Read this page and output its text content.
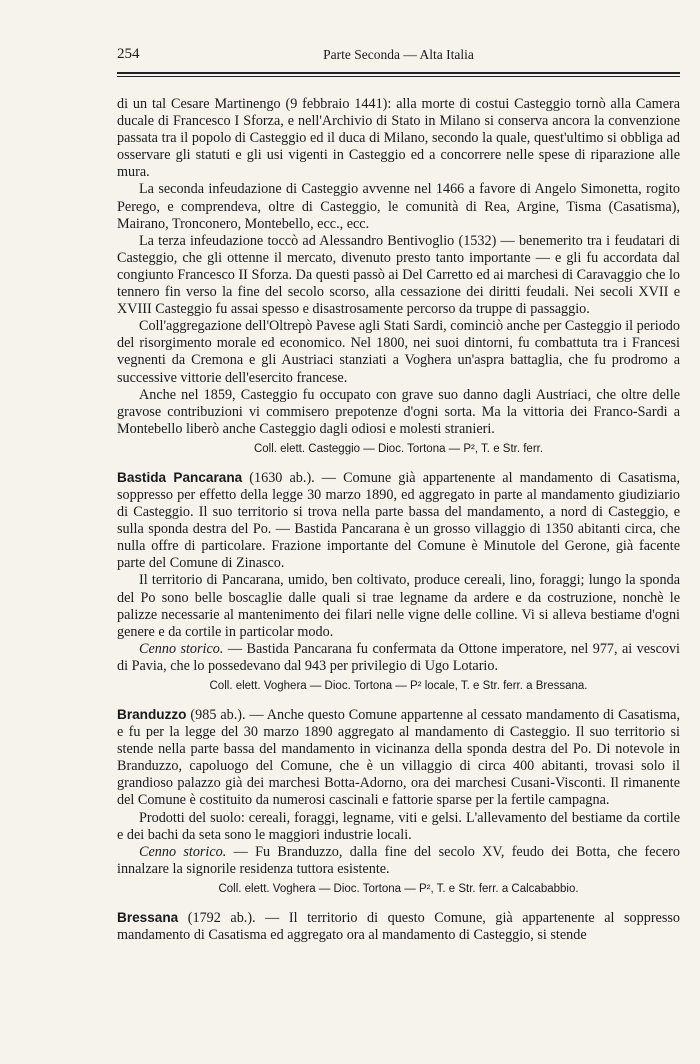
254	Parte Seconda — Alta Italia

di un tal Cesare Martinengo (9 febbraio 1441): alla morte di costui Casteggio tornò alla Camera ducale di Francesco I Sforza, e nell'Archivio di Stato in Milano si conserva ancora la convenzione passata tra il popolo di Casteggio ed il duca di Milano, secondo la quale, quest'ultimo si obbliga ad osservare gli statuti e gli usi vigenti in Casteggio ed a concorrere nelle spese di riparazione alle mura.

La seconda infeudazione di Casteggio avvenne nel 1466 a favore di Angelo Simonetta, rogito Perego, e comprendeva, oltre di Casteggio, le comunità di Rea, Argine, Tisma (Casatisma), Mairano, Tronconero, Montebello, ecc., ecc.

La terza infeudazione toccò ad Alessandro Bentivoglio (1532) — benemerito tra i feudatari di Casteggio, che gli ottenne il mercato, divenuto presto tanto importante — e gli fu accordata dal congiunto Francesco II Sforza. Da questi passò ai Del Carretto ed ai marchesi di Caravaggio che lo tennero fin verso la fine del secolo scorso, alla cessazione dei diritti feudali. Nei secoli XVII e XVIII Casteggio fu assai spesso e disastrosamente percorso da truppe di passaggio.

Coll'aggregazione dell'Oltrepò Pavese agli Stati Sardi, cominciò anche per Casteggio il periodo del risorgimento morale ed economico. Nel 1800, nei suoi dintorni, fu combattuta tra i Francesi vegnenti da Cremona e gli Austriaci stanziati a Voghera un'aspra battaglia, che fu prodromo a successive vittorie dell'esercito francese.

Anche nel 1859, Casteggio fu occupato con grave suo danno dagli Austriaci, che oltre delle gravose contribuzioni vi commisero prepotenze d'ogni sorta. Ma la vittoria dei Franco-Sardi a Montebello liberò anche Casteggio dagli odiosi e molesti stranieri.

Coll. elett. Casteggio — Dioc. Tortona — P², T. e Str. ferr.

Bastida Pancarana (1630 ab.). — Comune già appartenente al mandamento di Casatisma, soppresso per effetto della legge 30 marzo 1890, ed aggregato in parte al mandamento giudiziario di Casteggio. Il suo territorio si trova nella parte bassa del mandamento, a nord di Casteggio, e sulla sponda destra del Po. — Bastida Pancarana è un grosso villaggio di 1350 abitanti circa, che nulla offre di particolare. Frazione importante del Comune è Minutole del Gerone, già facente parte del Comune di Zinasco.

Il territorio di Pancarana, umido, ben coltivato, produce cereali, lino, foraggi; lungo la sponda del Po sono belle boscaglie dalle quali si trae legname da ardere e da costruzione, nonchè le palizze necessarie al mantenimento dei filari nelle vigne delle colline. Vi si alleva bestiame d'ogni genere e da cortile in particolar modo.

Cenno storico. — Bastida Pancarana fu confermata da Ottone imperatore, nel 977, ai vescovi di Pavia, che lo possedevano dal 943 per privilegio di Ugo Lotario.

Coll. elett. Voghera — Dioc. Tortona — P² locale, T. e Str. ferr. a Bressana.

Branduzzo (985 ab.). — Anche questo Comune appartenne al cessato mandamento di Casatisma, e fu per la legge del 30 marzo 1890 aggregato al mandamento di Casteggio. Il suo territorio si stende nella parte bassa del mandamento in vicinanza della sponda destra del Po. Di notevole in Branduzzo, capoluogo del Comune, che è un villaggio di circa 400 abitanti, trovasi solo il grandioso palazzo già dei marchesi Botta-Adorno, ora dei marchesi Cusani-Visconti. Il rimanente del Comune è costituito da numerosi cascinali e fattorie sparse per la fertile campagna.

Prodotti del suolo: cereali, foraggi, legname, viti e gelsi. L'allevamento del bestiame da cortile e dei bachi da seta sono le maggiori industrie locali.

Cenno storico. — Fu Branduzzo, dalla fine del secolo XV, feudo dei Botta, che fecero innalzare la signorile residenza tuttora esistente.

Coll. elett. Voghera — Dioc. Tortona — P², T. e Str. ferr. a Calcababbio.

Bressana (1792 ab.). — Il territorio di questo Comune, già appartenente al soppresso mandamento di Casatisma ed aggregato ora al mandamento di Casteggio, si stende
